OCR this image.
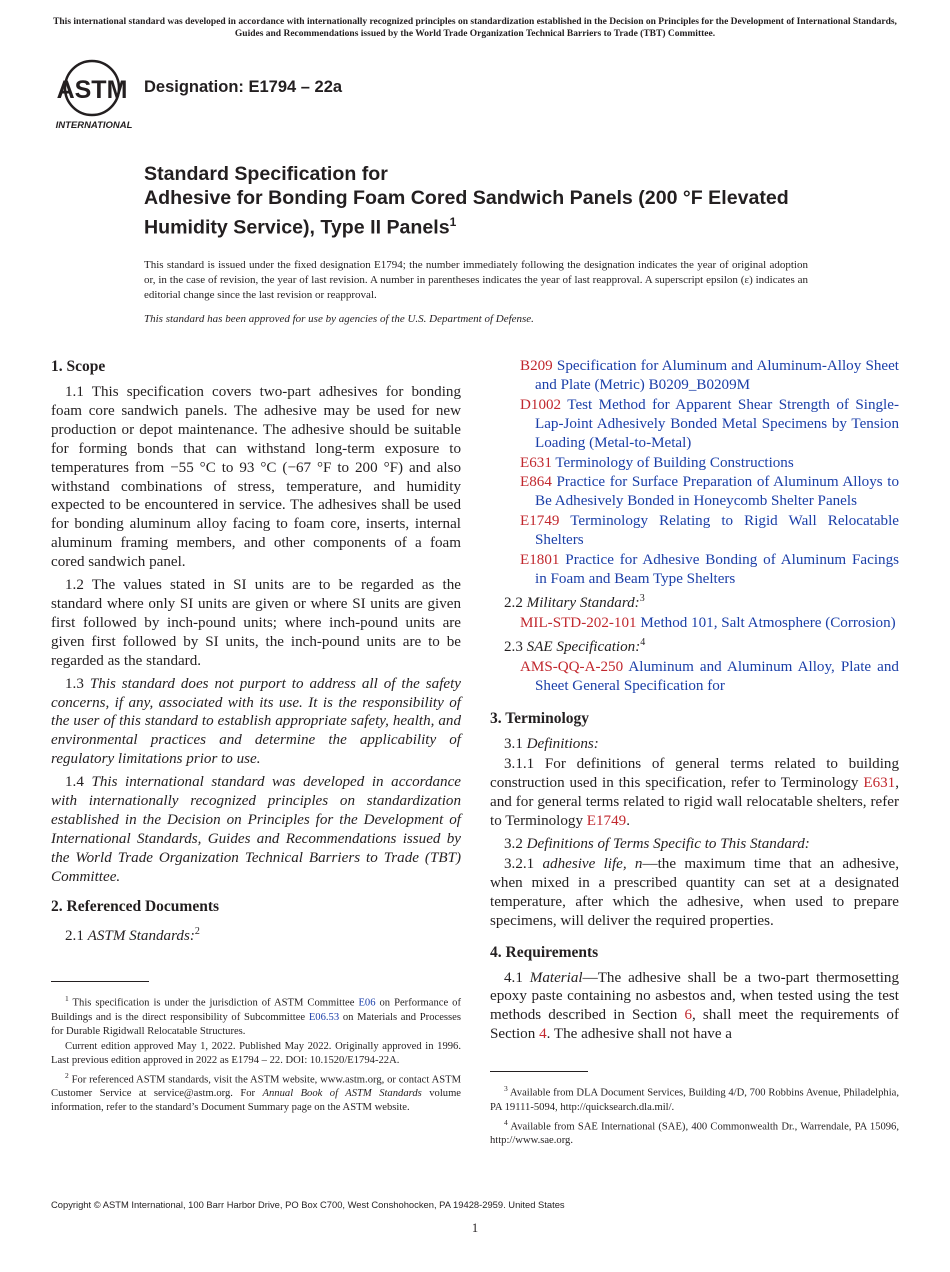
This international standard was developed in accordance with internationally recognized principles on standardization established in the Decision on Principles for the Development of International Standards, Guides and Recommendations issued by the World Trade Organization Technical Barriers to Trade (TBT) Committee.
ASTM
INTERNATIONAL
Designation: E1794 – 22a
Standard Specification for
Adhesive for Bonding Foam Cored Sandwich Panels (200 °F Elevated Humidity Service), Type II Panels$^1$
This standard is issued under the fixed designation E1794; the number immediately following the designation indicates the year of original adoption or, in the case of revision, the year of last revision. A number in parentheses indicates the year of last reapproval. A superscript epsilon (ε) indicates an editorial change since the last revision or reapproval.
This standard has been approved for use by agencies of the U.S. Department of Defense.
1. Scope

1.1 This specification covers two-part adhesives for bonding foam core sandwich panels. The adhesive may be used for new production or depot maintenance. The adhesive should be suitable for forming bonds that can withstand long-term exposure to temperatures from −55 °C to 93 °C (−67 °F to 200 °F) and also withstand combinations of stress, temperature, and humidity expected to be encountered in service. The adhesives shall be used for bonding aluminum alloy facing to foam core, inserts, internal aluminum framing members, and other components of a foam cored sandwich panel.

1.2 The values stated in SI units are to be regarded as the standard where only SI units are given or where SI units are given first followed by inch-pound units; where inch-pound units are given first followed by SI units, the inch-pound units are to be regarded as the standard.

1.3 This standard does not purport to address all of the safety concerns, if any, associated with its use. It is the responsibility of the user of this standard to establish appropriate safety, health, and environmental practices and determine the applicability of regulatory limitations prior to use.

1.4 This international standard was developed in accordance with internationally recognized principles on standardization established in the Decision on Principles for the Development of International Standards, Guides and Recommendations issued by the World Trade Organization Technical Barriers to Trade (TBT) Committee.

2. Referenced Documents

2.1 ASTM Standards:$^2$

$^1$ This specification is under the jurisdiction of ASTM Committee E06 on Performance of Buildings and is the direct responsibility of Subcommittee E06.53 on Materials and Processes for Durable Rigidwall Relocatable Structures.

Current edition approved May 1, 2022. Published May 2022. Originally approved in 1996. Last previous edition approved in 2022 as E1794 – 22. DOI: 10.1520/E1794-22A.

$^2$ For referenced ASTM standards, visit the ASTM website, www.astm.org, or contact ASTM Customer Service at service@astm.org. For Annual Book of ASTM Standards volume information, refer to the standard’s Document Summary page on the ASTM website.

B209 Specification for Aluminum and Aluminum-Alloy Sheet and Plate (Metric) B0209_B0209M
D1002 Test Method for Apparent Shear Strength of Single-Lap-Joint Adhesively Bonded Metal Specimens by Tension Loading (Metal-to-Metal)
E631 Terminology of Building Constructions
E864 Practice for Surface Preparation of Aluminum Alloys to Be Adhesively Bonded in Honeycomb Shelter Panels
E1749 Terminology Relating to Rigid Wall Relocatable Shelters
E1801 Practice for Adhesive Bonding of Aluminum Facings in Foam and Beam Type Shelters

2.2 Military Standard:$^3$

MIL-STD-202-101 Method 101, Salt Atmosphere (Corrosion)

2.3 SAE Specification:$^4$

AMS-QQ-A-250 Aluminum and Aluminum Alloy, Plate and Sheet General Specification for
3. Terminology

3.1 Definitions:

3.1.1 For definitions of general terms related to building construction used in this specification, refer to Terminology E631, and for general terms related to rigid wall relocatable shelters, refer to Terminology E1749.

3.2 Definitions of Terms Specific to This Standard:

3.2.1 adhesive life, n—the maximum time that an adhesive, when mixed in a prescribed quantity can set at a designated temperature, after which the adhesive, when used to prepare specimens, will deliver the required properties.

4. Requirements

4.1 Material—The adhesive shall be a two-part thermosetting epoxy paste containing no asbestos and, when tested using the test methods described in Section 6, shall meet the requirements of Section 4. The adhesive shall not have a

$^3$ Available from DLA Document Services, Building 4/D, 700 Robbins Avenue, Philadelphia, PA 19111-5094, http://quicksearch.dla.mil/.

$^4$ Available from SAE International (SAE), 400 Commonwealth Dr., Warrendale, PA 15096, http://www.sae.org.

Copyright © ASTM International, 100 Barr Harbor Drive, PO Box C700, West Conshohocken, PA 19428-2959. United States
1
